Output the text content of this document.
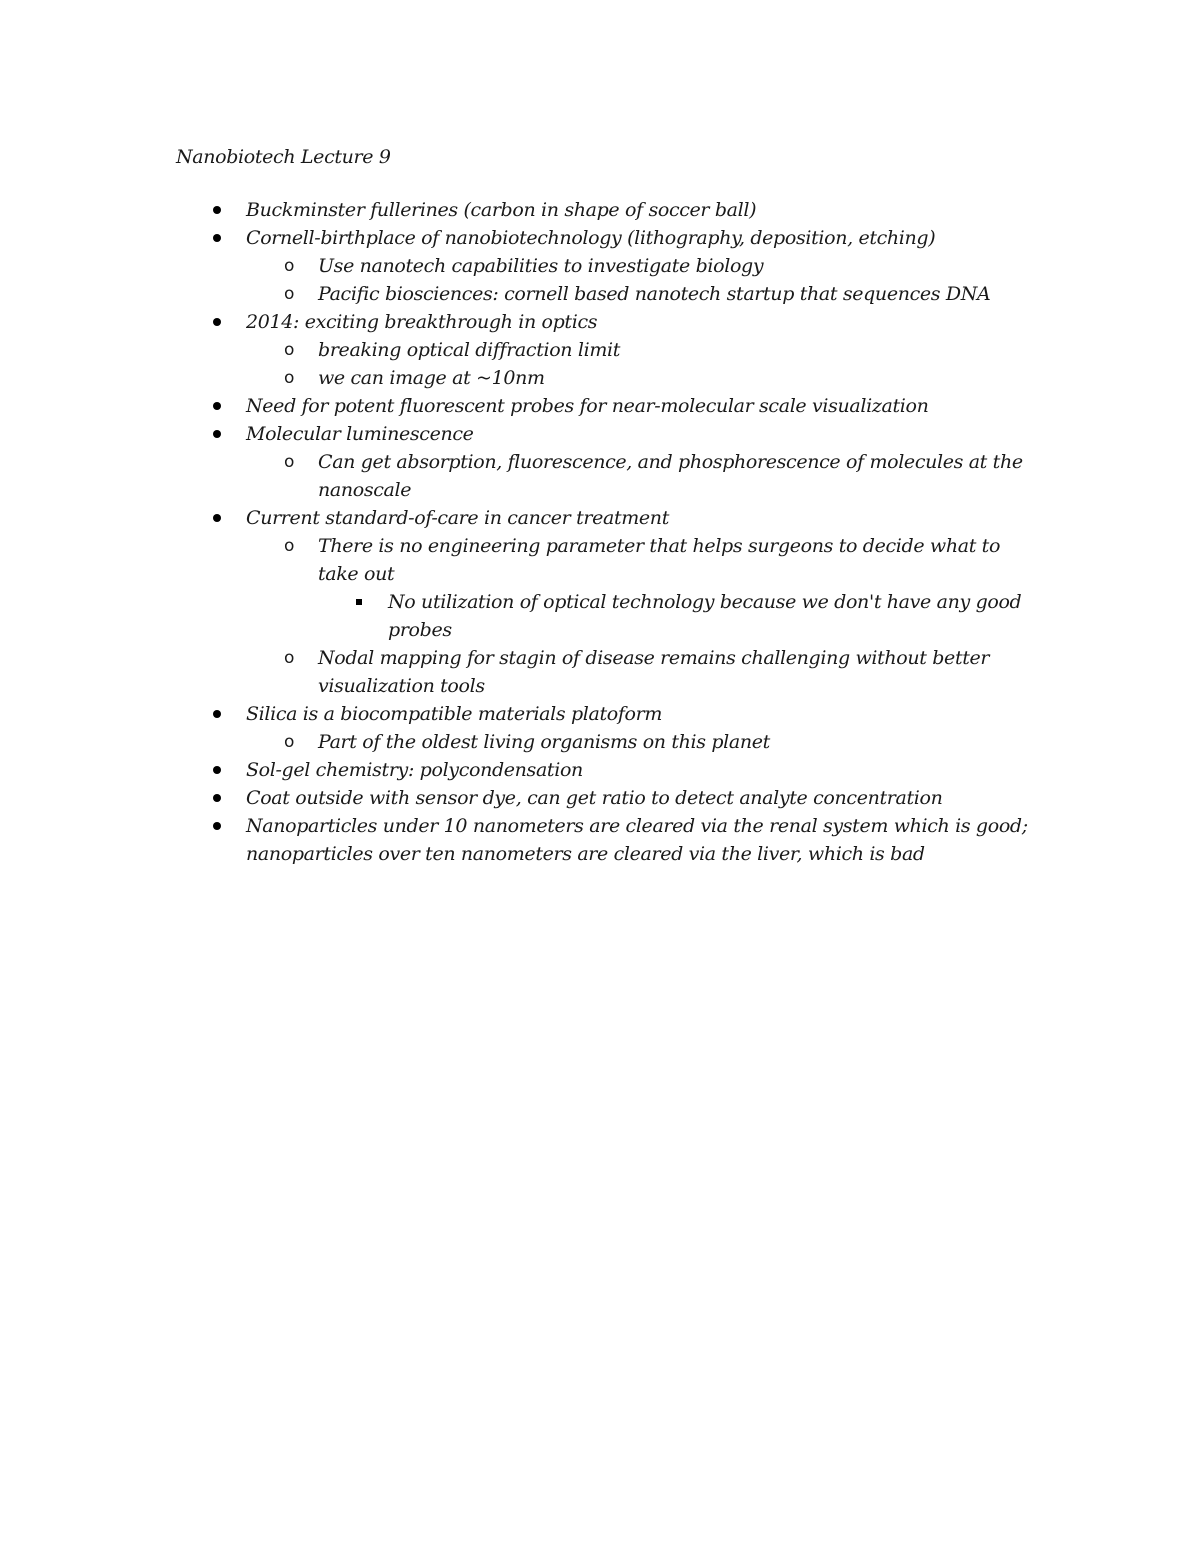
Nanobiotech Lecture 9

Buckminster fullerines (carbon in shape of soccer ball)
Cornell-birthplace of nanobiotechnology (lithography, deposition, etching)
o Use nanotech capabilities to investigate biology
o Pacific biosciences: cornell based nanotech startup that sequences DNA
2014: exciting breakthrough in optics
o breaking optical diffraction limit
o we can image at ~10nm
Need for potent fluorescent probes for near-molecular scale visualization
Molecular luminescence
o Can get absorption, fluorescence, and phosphorescence of molecules at the nanoscale
Current standard-of-care in cancer treatment
o There is no engineering parameter that helps surgeons to decide what to take out
No utilization of optical technology because we don't have any good probes
o Nodal mapping for stagin of disease remains challenging without better visualization tools
Silica is a biocompatible materials platoform
o Part of the oldest living organisms on this planet
Sol-gel chemistry: polycondensation
Coat outside with sensor dye, can get ratio to detect analyte concentration
Nanoparticles under 10 nanometers are cleared via the renal system which is good; nanoparticles over ten nanometers are cleared via the liver, which is bad
